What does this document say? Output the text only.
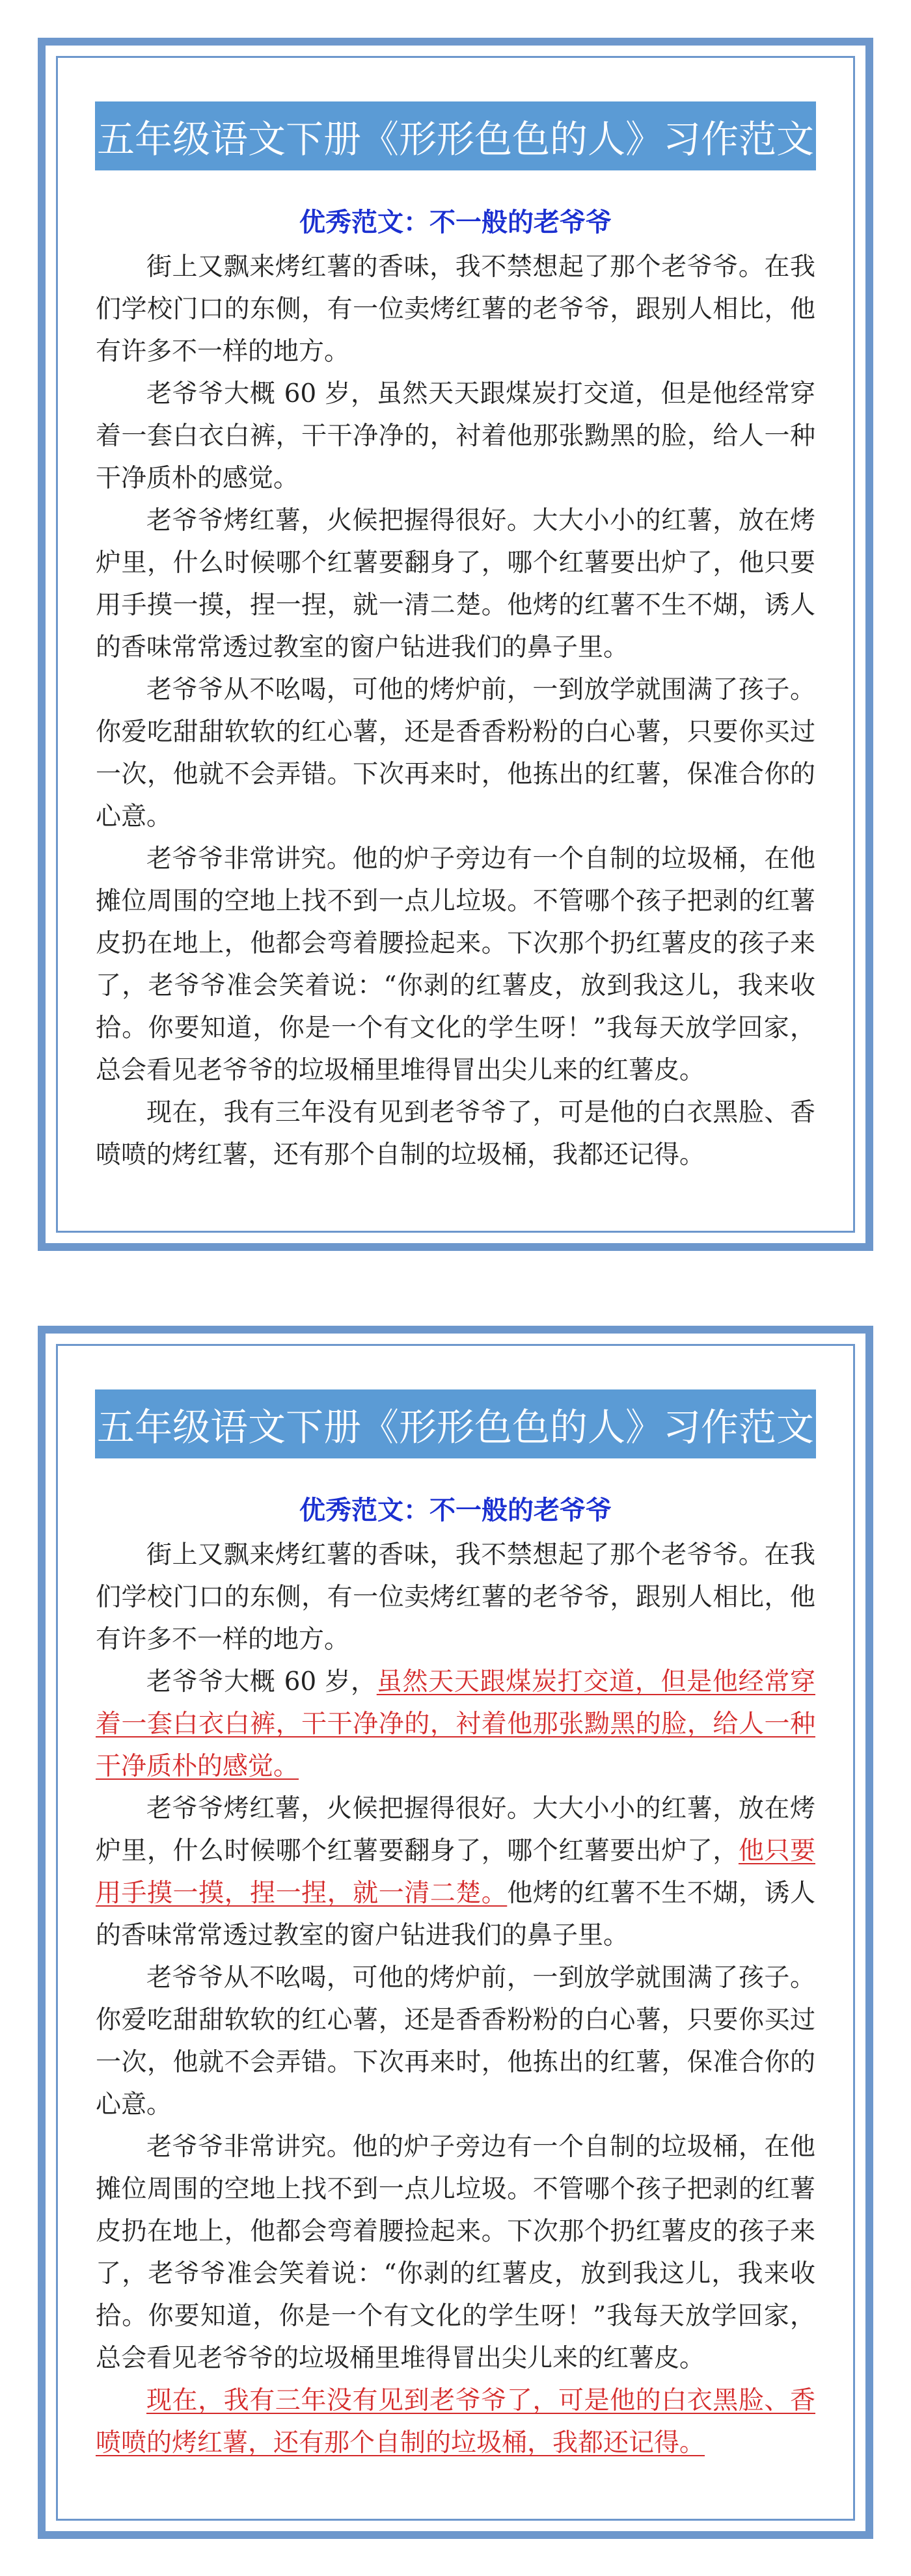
五年级语文下册《形形色色的人》习作范文
优秀范文：不一般的老爷爷

街上又飘来烤红薯的香味，我不禁想起了那个老爷爷。在我们学校门口的东侧，有一位卖烤红薯的老爷爷，跟别人相比，他有许多不一样的地方。

老爷爷大概 60 岁，虽然天天跟煤炭打交道，但是他经常穿着一套白衣白裤，干干净净的，衬着他那张黝黑的脸，给人一种干净质朴的感觉。

老爷爷烤红薯，火候把握得很好。大大小小的红薯，放在烤炉里，什么时候哪个红薯要翻身了，哪个红薯要出炉了，他只要用手摸一摸，捏一捏，就一清二楚。他烤的红薯不生不煳，诱人的香味常常透过教室的窗户钻进我们的鼻子里。

老爷爷从不吆喝，可他的烤炉前，一到放学就围满了孩子。你爱吃甜甜软软的红心薯，还是香香粉粉的白心薯，只要你买过一次，他就不会弄错。下次再来时，他拣出的红薯，保准合你的心意。

老爷爷非常讲究。他的炉子旁边有一个自制的垃圾桶，在他摊位周围的空地上找不到一点儿垃圾。不管哪个孩子把剥的红薯皮扔在地上，他都会弯着腰捡起来。下次那个扔红薯皮的孩子来了，老爷爷准会笑着说：“你剥的红薯皮，放到我这儿，我来收拾。你要知道，你是一个有文化的学生呀！”我每天放学回家，总会看见老爷爷的垃圾桶里堆得冒出尖儿来的红薯皮。

现在，我有三年没有见到老爷爷了，可是他的白衣黑脸、香喷喷的烤红薯，还有那个自制的垃圾桶，我都还记得。

五年级语文下册《形形色色的人》习作范文
优秀范文：不一般的老爷爷

街上又飘来烤红薯的香味，我不禁想起了那个老爷爷。在我们学校门口的东侧，有一位卖烤红薯的老爷爷，跟别人相比，他有许多不一样的地方。

老爷爷大概 60 岁，虽然天天跟煤炭打交道，但是他经常穿着一套白衣白裤，干干净净的，衬着他那张黝黑的脸，给人一种干净质朴的感觉。

老爷爷烤红薯，火候把握得很好。大大小小的红薯，放在烤炉里，什么时候哪个红薯要翻身了，哪个红薯要出炉了，他只要用手摸一摸，捏一捏，就一清二楚。他烤的红薯不生不煳，诱人的香味常常透过教室的窗户钻进我们的鼻子里。

老爷爷从不吆喝，可他的烤炉前，一到放学就围满了孩子。你爱吃甜甜软软的红心薯，还是香香粉粉的白心薯，只要你买过一次，他就不会弄错。下次再来时，他拣出的红薯，保准合你的心意。

老爷爷非常讲究。他的炉子旁边有一个自制的垃圾桶，在他摊位周围的空地上找不到一点儿垃圾。不管哪个孩子把剥的红薯皮扔在地上，他都会弯着腰捡起来。下次那个扔红薯皮的孩子来了，老爷爷准会笑着说：“你剥的红薯皮，放到我这儿，我来收拾。你要知道，你是一个有文化的学生呀！”我每天放学回家，总会看见老爷爷的垃圾桶里堆得冒出尖儿来的红薯皮。

现在，我有三年没有见到老爷爷了，可是他的白衣黑脸、香喷喷的烤红薯，还有那个自制的垃圾桶，我都还记得。
